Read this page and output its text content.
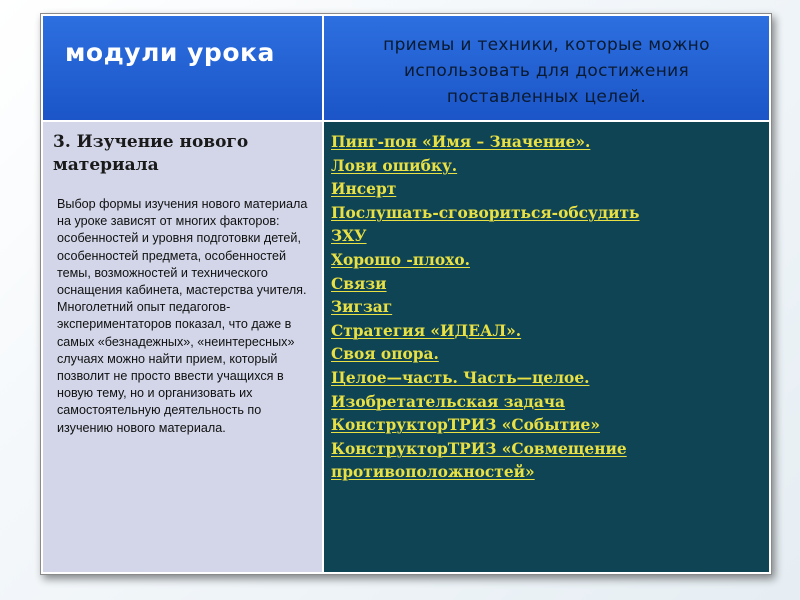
модули урока	приемы и техники, которые можно
использовать для достижения
поставленных целей.
3. Изучение нового материала
Выбор формы изучения нового материала на уроке зависят от многих факторов: особенностей и уровня подготовки детей, особенностей предмета, особенностей темы, возможностей и технического оснащения кабинета, мастерства учителя.
Многолетний опыт педагогов-экспериментаторов показал, что даже в самых «безнадежных», «неинтересных» случаях можно найти прием, который позволит не просто ввести учащихся в новую тему, но и организовать их самостоятельную деятельность по изучению нового материала.
Пинг-пон «Имя – Значение».
Лови ошибку.
Инсерт
Послушать-сговориться-обсудить
ЗХУ
Хорошо -плохо.
Связи
Зигзаг
Стратегия «ИДЕАЛ».
Своя опора.
Целое—часть. Часть—целое.
Изобретательская задача
КонструкторТРИЗ «Событие»
КонструкторТРИЗ «Совмещение
противоположностей»
